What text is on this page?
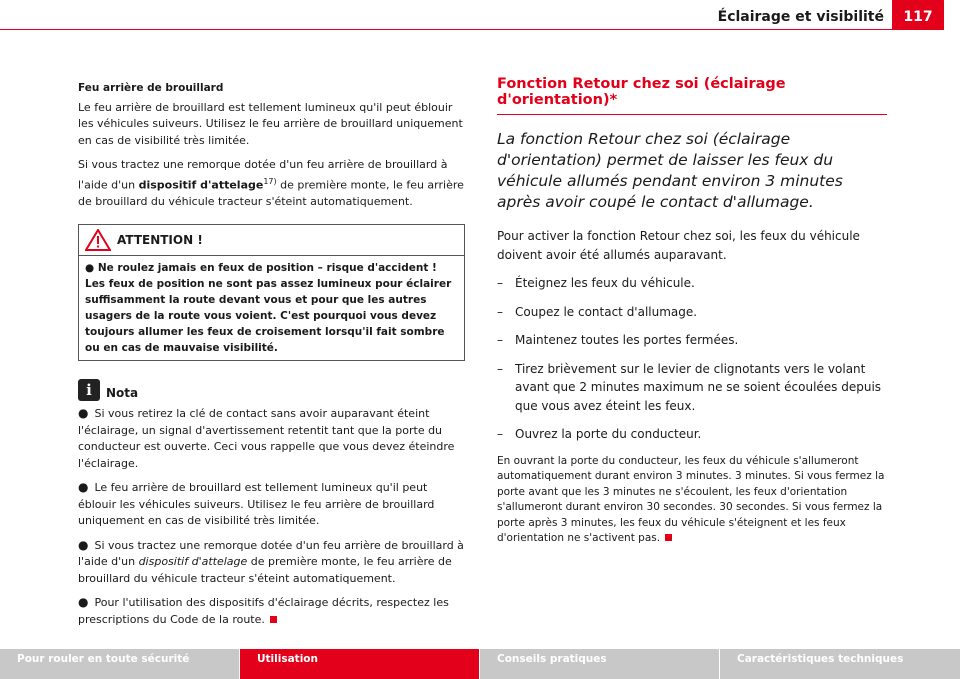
Éclairage et visibilité	117

Feu arrière de brouillard

Le feu arrière de brouillard est tellement lumineux qu'il peut éblouir les véhicules suiveurs. Utilisez le feu arrière de brouillard uniquement en cas de visibilité très limitée.

Si vous tractez une remorque dotée d'un feu arrière de brouillard à l'aide d'un dispositif d'attelage$^{17)}$ de première monte, le feu arrière de brouillard du véhicule tracteur s'éteint automatiquement.

ATTENTION !
● Ne roulez jamais en feux de position – risque d'accident ! Les feux de position ne sont pas assez lumineux pour éclairer suffisamment la route devant vous et pour que les autres usagers de la route vous voient. C'est pourquoi vous devez toujours allumer les feux de croisement lorsqu'il fait sombre ou en cas de mauvaise visibilité.
i	Nota

● Si vous retirez la clé de contact sans avoir auparavant éteint l'éclairage, un signal d'avertissement retentit tant que la porte du conducteur est ouverte. Ceci vous rappelle que vous devez éteindre l'éclairage.

● Le feu arrière de brouillard est tellement lumineux qu'il peut éblouir les véhicules suiveurs. Utilisez le feu arrière de brouillard uniquement en cas de visibilité très limitée.

● Si vous tractez une remorque dotée d'un feu arrière de brouillard à l'aide d'un dispositif d'attelage de première monte, le feu arrière de brouillard du véhicule tracteur s'éteint automatiquement.

● Pour l'utilisation des dispositifs d'éclairage décrits, respectez les prescriptions du Code de la route.

Fonction Retour chez soi (éclairage d'orientation)*
La fonction Retour chez soi (éclairage d'orientation) permet de laisser les feux du véhicule allumés pendant environ 3 minutes après avoir coupé le contact d'allumage.
Pour activer la fonction Retour chez soi, les feux du véhicule doivent avoir été allumés auparavant.
–	Éteignez les feux du véhicule.
–	Coupez le contact d'allumage.
–	Maintenez toutes les portes fermées.
–	Tirez brièvement sur le levier de clignotants vers le volant avant que 2 minutes maximum ne se soient écoulées depuis que vous avez éteint les feux.
–	Ouvrez la porte du conducteur.
En ouvrant la porte du conducteur, les feux du véhicule s'allumeront automatiquement durant environ 3 minutes. 3 minutes. Si vous fermez la porte avant que les 3 minutes ne s'écoulent, les feux d'orientation s'allumeront durant environ 30 secondes. 30 secondes. Si vous fermez la porte après 3 minutes, les feux du véhicule s'éteignent et les feux d'orientation ne s'activent pas.
Pour rouler en toute sécurité	Utilisation	Conseils pratiques	Caractéristiques techniques
